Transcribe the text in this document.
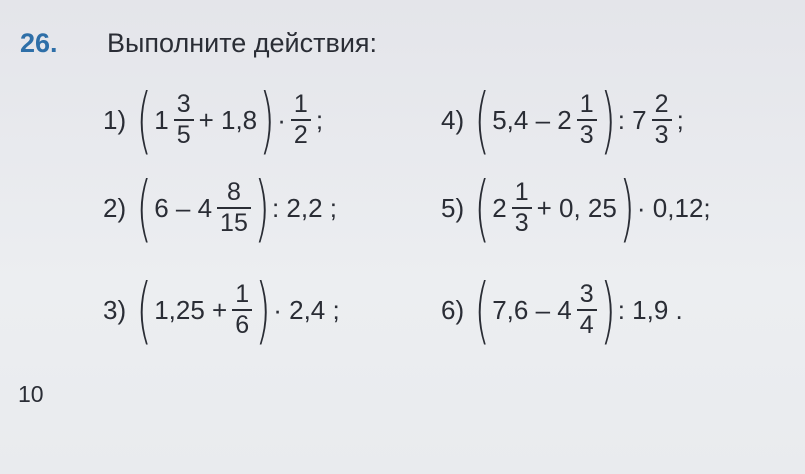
26. Выполните действия:
1) ( $1 \frac{3}{5} + 1,8$ ) · $\frac{1}{2}$ ;
2) ( $6 - 4 \frac{8}{15}$ ) : 2,2 ;
3) ( $1,25 + \frac{1}{6}$ ) · 2,4 ;
4) ( $5,4 - 2 \frac{1}{3}$ ) : $7 \frac{2}{3}$ ;
5) ( $2 \frac{1}{3} + 0$, 25 ) · 0,12;
6) ( $7,6 - 4 \frac{3}{4}$ ) : 1,9 .
10
